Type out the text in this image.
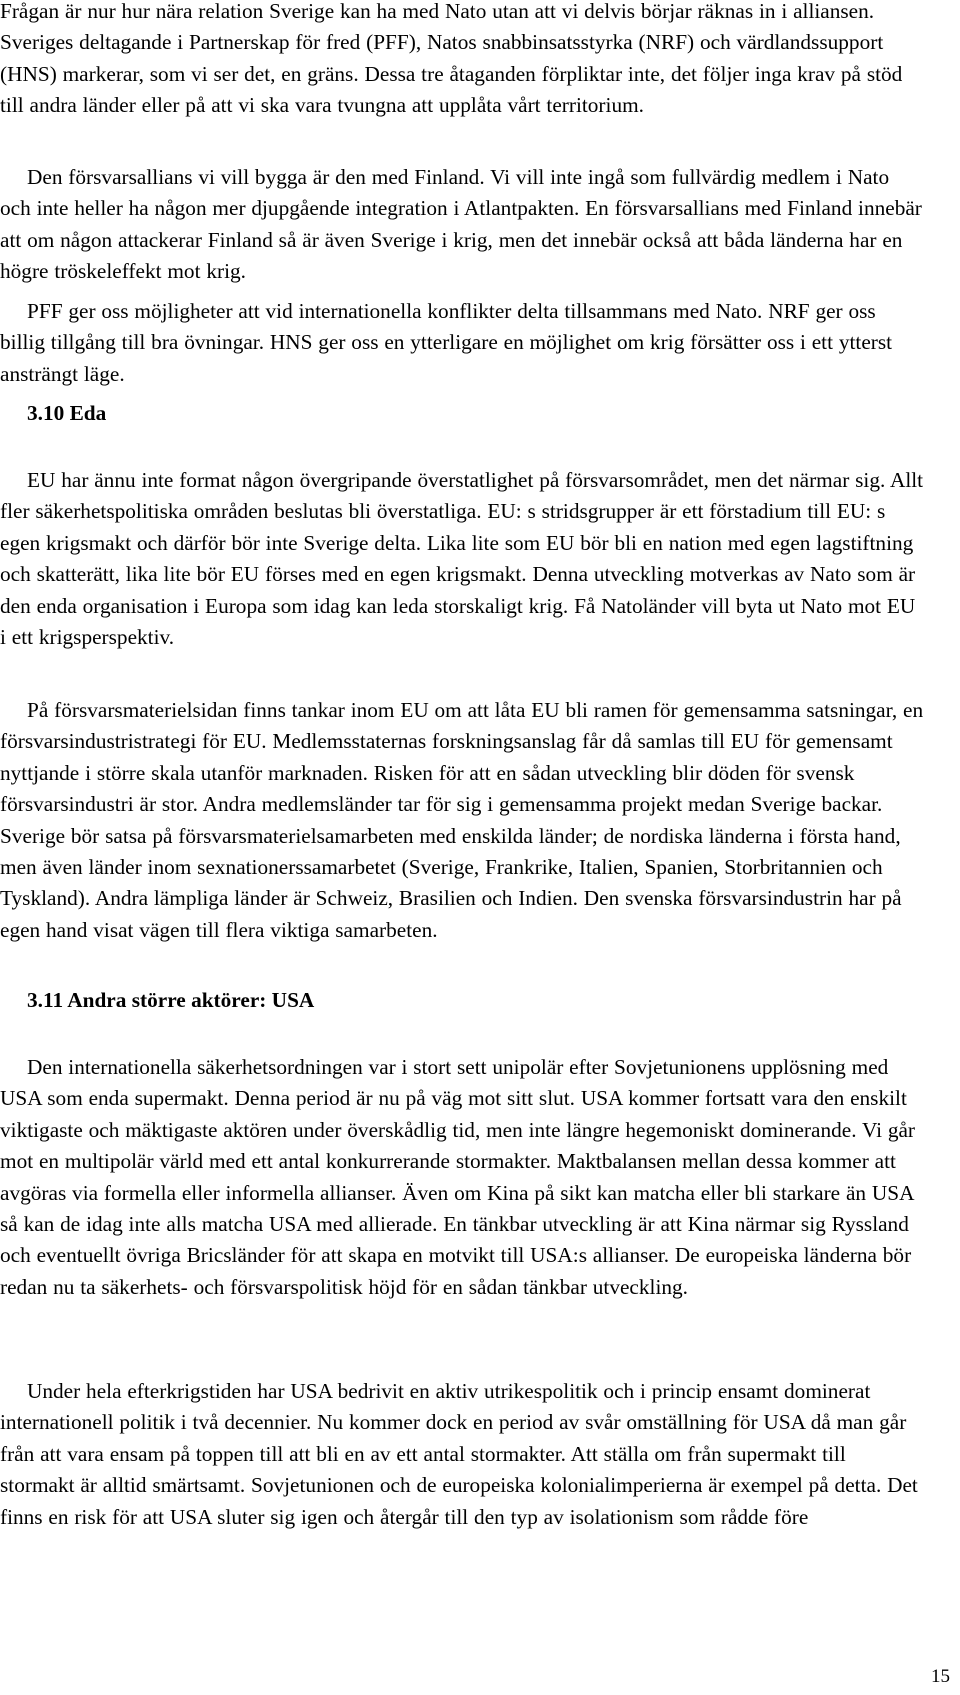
Frågan är nur hur nära relation Sverige kan ha med Nato utan att vi delvis börjar räknas in i alliansen. Sveriges deltagande i Partnerskap för fred (PFF), Natos snabbinsatsstyrka (NRF) och värdlandssupport (HNS) markerar, som vi ser det, en gräns. Dessa tre åtaganden förpliktar inte, det följer inga krav på stöd till andra länder eller på att vi ska vara tvungna att upplåta vårt territorium.

Den försvarsallians vi vill bygga är den med Finland. Vi vill inte ingå som fullvärdig medlem i Nato och inte heller ha någon mer djupgående integration i Atlantpakten. En försvarsallians med Finland innebär att om någon attackerar Finland så är även Sverige i krig, men det innebär också att båda länderna har en högre tröskeleffekt mot krig.

PFF ger oss möjligheter att vid internationella konflikter delta tillsammans med Nato. NRF ger oss billig tillgång till bra övningar. HNS ger oss en ytterligare en möjlighet om krig försätter oss i ett ytterst ansträngt läge.

3.10 Eda

EU har ännu inte format någon övergripande överstatlighet på försvarsområdet, men det närmar sig. Allt fler säkerhetspolitiska områden beslutas bli överstatliga. EU: s stridsgrupper är ett förstadium till EU: s egen krigsmakt och därför bör inte Sverige delta. Lika lite som EU bör bli en nation med egen lagstiftning och skatterätt, lika lite bör EU förses med en egen krigsmakt. Denna utveckling motverkas av Nato som är den enda organisation i Europa som idag kan leda storskaligt krig. Få Natoländer vill byta ut Nato mot EU i ett krigsperspektiv.

På försvarsmaterielsidan finns tankar inom EU om att låta EU bli ramen för gemensamma satsningar, en försvarsindustristrategi för EU. Medlemsstaternas forskningsanslag får då samlas till EU för gemensamt nyttjande i större skala utanför marknaden. Risken för att en sådan utveckling blir döden för svensk försvarsindustri är stor. Andra medlemsländer tar för sig i gemensamma projekt medan Sverige backar. Sverige bör satsa på försvarsmaterielsamarbeten med enskilda länder; de nordiska länderna i första hand, men även länder inom sexnationerssamarbetet (Sverige, Frankrike, Italien, Spanien, Storbritannien och Tyskland). Andra lämpliga länder är Schweiz, Brasilien och Indien. Den svenska försvarsindustrin har på egen hand visat vägen till flera viktiga samarbeten.

3.11 Andra större aktörer: USA

Den internationella säkerhetsordningen var i stort sett unipolär efter Sovjetunionens upplösning med USA som enda supermakt. Denna period är nu på väg mot sitt slut. USA kommer fortsatt vara den enskilt viktigaste och mäktigaste aktören under överskådlig tid, men inte längre hegemoniskt dominerande. Vi går mot en multipolär värld med ett antal konkurrerande stormakter. Maktbalansen mellan dessa kommer att avgöras via formella eller informella allianser. Även om Kina på sikt kan matcha eller bli starkare än USA så kan de idag inte alls matcha USA med allierade. En tänkbar utveckling är att Kina närmar sig Ryssland och eventuellt övriga Bricsländer för att skapa en motvikt till USA:s allianser. De europeiska länderna bör redan nu ta säkerhets- och försvarspolitisk höjd för en sådan tänkbar utveckling.

Under hela efterkrigstiden har USA bedrivit en aktiv utrikespolitik och i princip ensamt dominerat internationell politik i två decennier. Nu kommer dock en period av svår omställning för USA då man går från att vara ensam på toppen till att bli en av ett antal stormakter. Att ställa om från supermakt till stormakt är alltid smärtsamt. Sovjetunionen och de europeiska kolonialimperierna är exempel på detta. Det finns en risk för att USA sluter sig igen och återgår till den typ av isolationism som rådde före

15
